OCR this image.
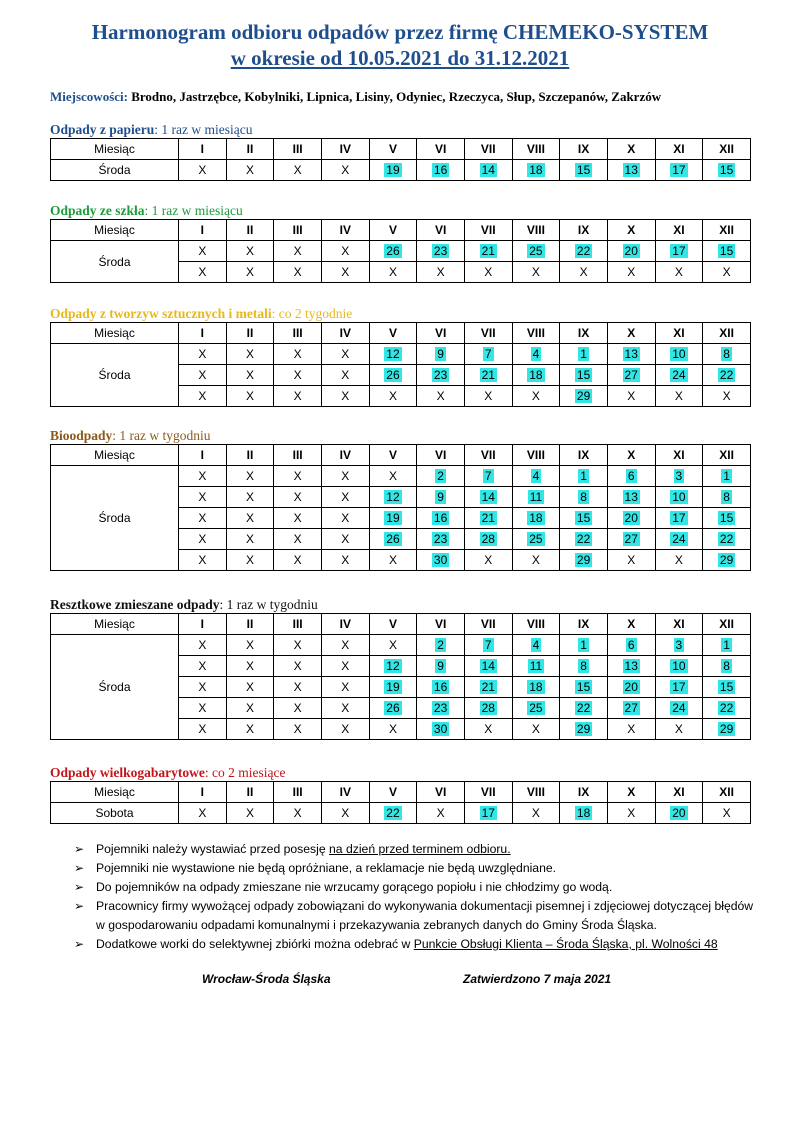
Harmonogram odbioru odpadów przez firmę CHEMEKO-SYSTEM
w okresie od 10.05.2021 do 31.12.2021
Miejscowości: Brodno, Jastrzębce, Kobylniki, Lipnica, Lisiny, Odyniec, Rzeczyca, Słup, Szczepanów, Zakrzów
Odpady z papieru: 1 raz w miesiącu
Miesiąc	I	II	III	IV	V	VI	VII	VIII	IX	X	XI	XII
Środa	X	X	X	X	19	16	14	18	15	13	17	15
Odpady ze szkła: 1 raz w miesiącu
Miesiąc	I	II	III	IV	V	VI	VII	VIII	IX	X	XI	XII
Środa	X	X	X	X	26	23	21	25	22	20	17	15
	X	X	X	X	X	X	X	X	X	X	X	X
Odpady z tworzyw sztucznych i metali: co 2 tygodnie
Miesiąc	I	II	III	IV	V	VI	VII	VIII	IX	X	XI	XII
Środa	X	X	X	X	12	9	7	4	1	13	10	8
	X	X	X	X	26	23	21	18	15	27	24	22
	X	X	X	X	X	X	X	X	29	X	X	X
Bioodpady: 1 raz w tygodniu
Miesiąc	I	II	III	IV	V	VI	VII	VIII	IX	X	XI	XII
Środa	X	X	X	X	X	2	7	4	1	6	3	1
	X	X	X	X	12	9	14	11	8	13	10	8
	X	X	X	X	19	16	21	18	15	20	17	15
	X	X	X	X	26	23	28	25	22	27	24	22
	X	X	X	X	X	30	X	X	29	X	X	29
Resztkowe zmieszane odpady: 1 raz w tygodniu
Miesiąc	I	II	III	IV	V	VI	VII	VIII	IX	X	XI	XII
Środa	X	X	X	X	X	2	7	4	1	6	3	1
	X	X	X	X	12	9	14	11	8	13	10	8
	X	X	X	X	19	16	21	18	15	20	17	15
	X	X	X	X	26	23	28	25	22	27	24	22
	X	X	X	X	X	30	X	X	29	X	X	29
Odpady wielkogabarytowe: co 2 miesiące
Miesiąc	I	II	III	IV	V	VI	VII	VIII	IX	X	XI	XII
Sobota	X	X	X	X	22	X	17	X	18	X	20	X
➢ Pojemniki należy wystawiać przed posesję na dzień przed terminem odbioru.
➢ Pojemniki nie wystawione nie będą opróżniane, a reklamacje nie będą uwzględniane.
➢ Do pojemników na odpady zmieszane nie wrzucamy gorącego popiołu i nie chłodzimy go wodą.
➢ Pracownicy firmy wywożącej odpady zobowiązani do wykonywania dokumentacji pisemnej i zdjęciowej dotyczącej błędów w gospodarowaniu odpadami komunalnymi i przekazywania zebranych danych do Gminy Środa Śląska.
➢ Dodatkowe worki do selektywnej zbiórki można odebrać w Punkcie Obsługi Klienta – Środa Śląska, pl. Wolności 48
Wrocław-Środa Śląska	Zatwierdzono 7 maja 2021
